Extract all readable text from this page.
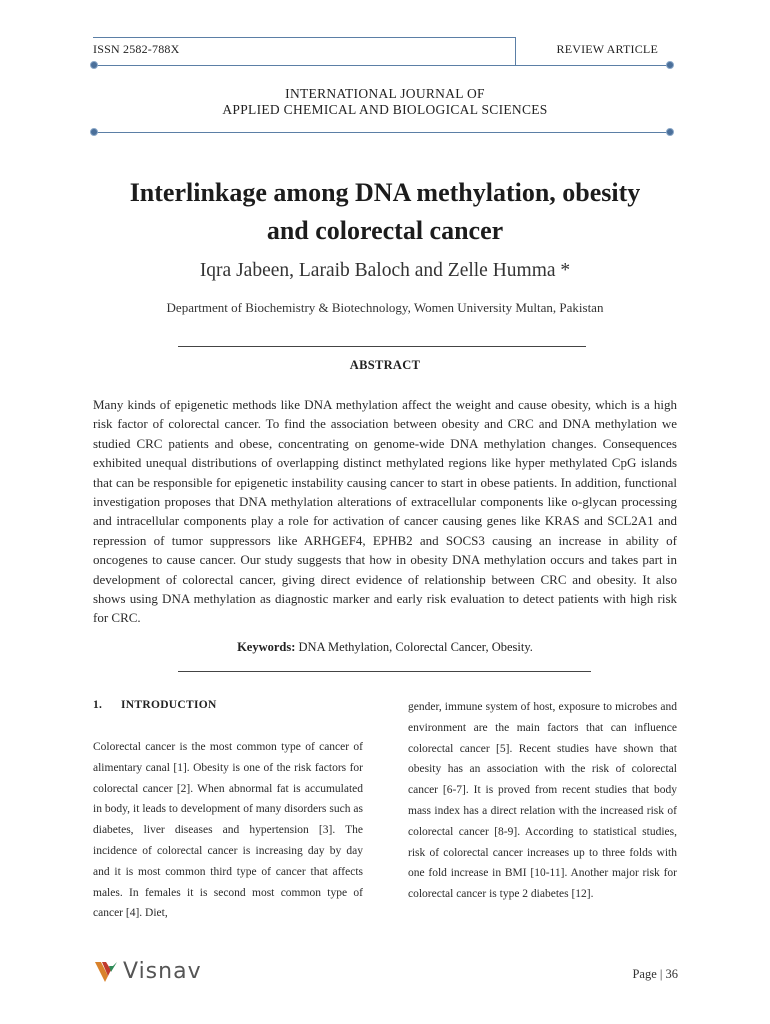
ISSN 2582-788X	REVIEW ARTICLE
INTERNATIONAL JOURNAL OF
APPLIED CHEMICAL AND BIOLOGICAL SCIENCES
Interlinkage among DNA methylation, obesity
and colorectal cancer
Iqra Jabeen, Laraib Baloch and Zelle Humma *
Department of Biochemistry & Biotechnology, Women University Multan, Pakistan
ABSTRACT
Many kinds of epigenetic methods like DNA methylation affect the weight and cause obesity, which is a high risk factor of colorectal cancer. To find the association between obesity and CRC and DNA methylation we studied CRC patients and obese, concentrating on genome-wide DNA methylation changes. Consequences exhibited unequal distributions of overlapping distinct methylated regions like hyper methylated CpG islands that can be responsible for epigenetic instability causing cancer to start in obese patients. In addition, functional investigation proposes that DNA methylation alterations of extracellular components like o-glycan processing and intracellular components play a role for activation of cancer causing genes like KRAS and SCL2A1 and repression of tumor suppressors like ARHGEF4, EPHB2 and SOCS3 causing an increase in ability of oncogenes to cause cancer. Our study suggests that how in obesity DNA methylation occurs and takes part in development of colorectal cancer, giving direct evidence of relationship between CRC and obesity. It also shows using DNA methylation as diagnostic marker and early risk evaluation to detect patients with high risk for CRC.
Keywords: DNA Methylation, Colorectal Cancer, Obesity.
1. INTRODUCTION
Colorectal cancer is the most common type of cancer of alimentary canal [1]. Obesity is one of the risk factors for colorectal cancer [2]. When abnormal fat is accumulated in body, it leads to development of many disorders such as diabetes, liver diseases and hypertension [3]. The incidence of colorectal cancer is increasing day by day and it is most common third type of cancer that affects males. In females it is second most common type of cancer [4]. Diet,
gender, immune system of host, exposure to microbes and environment are the main factors that can influence colorectal cancer [5]. Recent studies have shown that obesity has an association with the risk of colorectal cancer [6-7]. It is proved from recent studies that body mass index has a direct relation with the increased risk of colorectal cancer [8-9]. According to statistical studies, risk of colorectal cancer increases up to three folds with one fold increase in BMI [10-11]. Another major risk for colorectal cancer is type 2 diabetes [12].
Visnav	Page | 36
